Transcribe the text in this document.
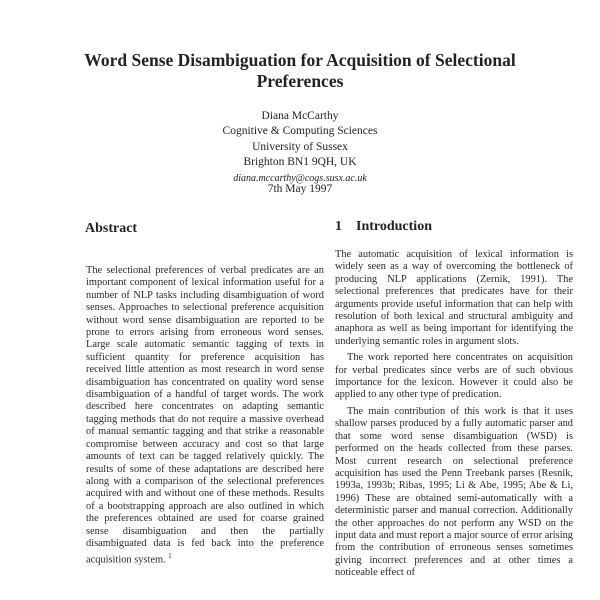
Word Sense Disambiguation for Acquisition of Selectional Preferences
Diana McCarthy
Cognitive & Computing Sciences
University of Sussex
Brighton BN1 9QH, UK
diana.mccarthy@cogs.susx.ac.uk
7th May 1997
Abstract

The selectional preferences of verbal predicates are an important component of lexical information useful for a number of NLP tasks including disambiguation of word senses. Approaches to selectional preference acquisition without word sense disambiguation are reported to be prone to errors arising from erroneous word senses. Large scale automatic semantic tagging of texts in sufficient quantity for preference acquisition has received little attention as most research in word sense disambiguation has concentrated on quality word sense disambiguation of a handful of target words. The work described here concentrates on adapting semantic tagging methods that do not require a massive overhead of manual semantic tagging and that strike a reasonable compromise between accuracy and cost so that large amounts of text can be tagged relatively quickly. The results of some of these adaptations are described here along with a comparison of the selectional preferences acquired with and without one of these methods. Results of a bootstrapping approach are also outlined in which the preferences obtained are used for coarse grained sense disambiguation and then the partially disambiguated data is fed back into the preference acquisition system. $^1$

1 Introduction

The automatic acquisition of lexical information is widely seen as a way of overcoming the bottleneck of producing NLP applications (Zernik, 1991). The selectional preferences that predicates have for their arguments provide useful information that can help with resolution of both lexical and structural ambiguity and anaphora as well as being important for identifying the underlying semantic roles in argument slots.

The work reported here concentrates on acquisition for verbal predicates since verbs are of such obvious importance for the lexicon. However it could also be applied to any other type of predication.

The main contribution of this work is that it uses shallow parses produced by a fully automatic parser and that some word sense disambiguation (WSD) is performed on the heads collected from these parses. Most current research on selectional preference acquisition has used the Penn Treebank parses (Resnik, 1993a, 1993b; Ribas, 1995; Li & Abe, 1995; Abe & Li, 1996) These are obtained semi-automatically with a deterministic parser and manual correction. Additionally the other approaches do not perform any WSD on the input data and must report a major source of error arising from the contribution of erroneous senses sometimes giving incorrect preferences and at other times a noticeable effect of
